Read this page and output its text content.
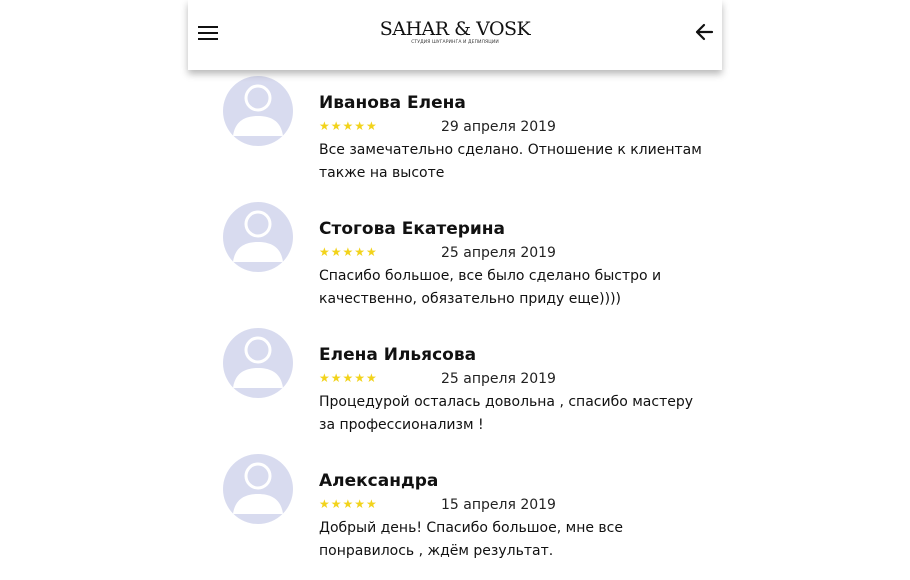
SAHAR & VOSK
СТУДИЯ ШУГАРИНГА И ДЕПИЛЯЦИИ
Иванова Елена
★★★★★	29 апреля 2019
Все замечательно сделано. Отношение к клиентам также на высоте
Стогова Екатерина
★★★★★	25 апреля 2019
Спасибо большое, все было сделано быстро и качественно, обязательно приду еще))))
Елена Ильясова
★★★★★	25 апреля 2019
Процедурой осталась довольна , спасибо мастеру за профессионализм !
Александра
★★★★★	15 апреля 2019
Добрый день! Спасибо большое, мне все понравилось , ждём результат.
